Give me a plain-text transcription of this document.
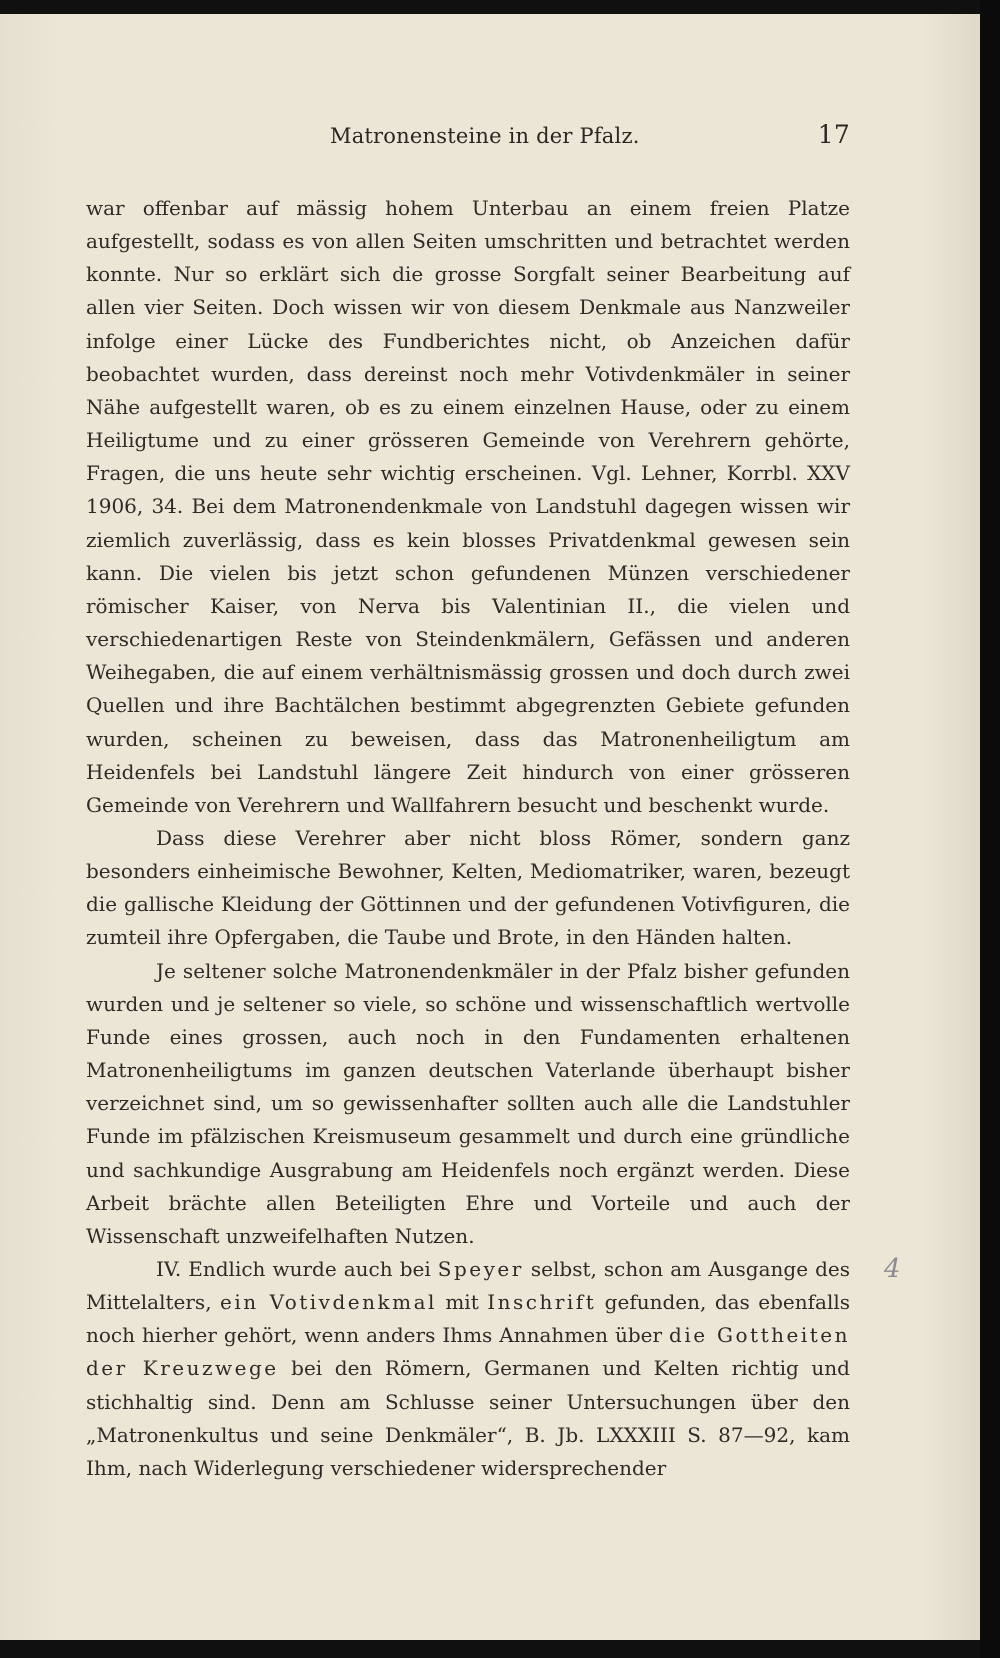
Matronensteine in der Pfalz.	17

war offenbar auf mässig hohem Unterbau an einem freien Platze aufgestellt, sodass es von allen Seiten umschritten und betrachtet werden konnte. Nur so erklärt sich die grosse Sorgfalt seiner Bearbeitung auf allen vier Seiten. Doch wissen wir von diesem Denkmale aus Nanzweiler infolge einer Lücke des Fundberichtes nicht, ob Anzeichen dafür beobachtet wurden, dass dereinst noch mehr Votivdenkmäler in seiner Nähe aufgestellt waren, ob es zu einem einzelnen Hause, oder zu einem Heiligtume und zu einer grösseren Gemeinde von Verehrern gehörte, Fragen, die uns heute sehr wichtig erscheinen. Vgl. Lehner, Korrbl. XXV 1906, 34. Bei dem Matronendenkmale von Landstuhl dagegen wissen wir ziemlich zuverlässig, dass es kein blosses Privatdenkmal gewesen sein kann. Die vielen bis jetzt schon gefundenen Münzen verschiedener römischer Kaiser, von Nerva bis Valentinian II., die vielen und verschiedenartigen Reste von Steindenkmälern, Gefässen und anderen Weihegaben, die auf einem verhältnismässig grossen und doch durch zwei Quellen und ihre Bachtälchen bestimmt abgegrenzten Gebiete gefunden wurden, scheinen zu beweisen, dass das Matronenheiligtum am Heidenfels bei Landstuhl längere Zeit hindurch von einer grösseren Gemeinde von Verehrern und Wallfahrern besucht und beschenkt wurde.

Dass diese Verehrer aber nicht bloss Römer, sondern ganz besonders einheimische Bewohner, Kelten, Mediomatriker, waren, bezeugt die gallische Kleidung der Göttinnen und der gefundenen Votivfiguren, die zumteil ihre Opfergaben, die Taube und Brote, in den Händen halten.

Je seltener solche Matronendenkmäler in der Pfalz bisher gefunden wurden und je seltener so viele, so schöne und wissenschaftlich wertvolle Funde eines grossen, auch noch in den Fundamenten erhaltenen Matronenheiligtums im ganzen deutschen Vaterlande überhaupt bisher verzeichnet sind, um so gewissenhafter sollten auch alle die Landstuhler Funde im pfälzischen Kreismuseum gesammelt und durch eine gründliche und sachkundige Ausgrabung am Heidenfels noch ergänzt werden. Diese Arbeit brächte allen Beteiligten Ehre und Vorteile und auch der Wissenschaft unzweifelhaften Nutzen.

IV. Endlich wurde auch bei Speyer selbst, schon am Ausgange des Mittelalters, ein Votivdenkmal mit Inschrift gefunden, das ebenfalls noch hierher gehört, wenn anders Ihms Annahmen über die Gottheiten der Kreuzwege bei den Römern, Germanen und Kelten richtig und stichhaltig sind. Denn am Schlusse seiner Untersuchungen über den „Matronenkultus und seine Denkmäler“, B. Jb. LXXXIII S. 87—92, kam Ihm, nach Widerlegung verschiedener widersprechender

4
